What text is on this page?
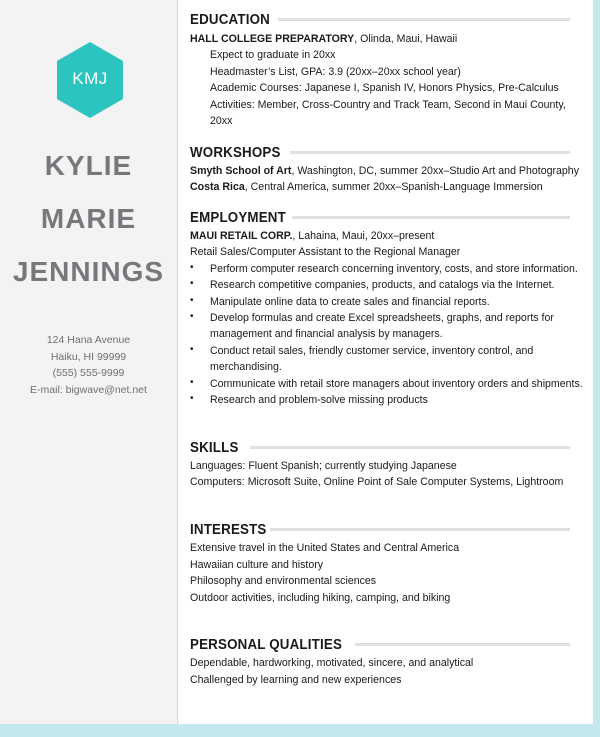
KMJ
KYLIE
MARIE
JENNINGS
124 Hana Avenue
Haiku, HI 99999
(555) 555-9999
E-mail: bigwave@net.net
EDUCATION
HALL COLLEGE PREPARATORY, Olinda, Maui, Hawaii
Expect to graduate in 20xx
Headmaster’s List, GPA: 3.9 (20xx–20xx school year)
Academic Courses: Japanese I, Spanish IV, Honors Physics, Pre-Calculus
Activities: Member, Cross-Country and Track Team, Second in Maui County,
20xx
WORKSHOPS
Smyth School of Art, Washington, DC, summer 20xx–Studio Art and Photography
Costa Rica, Central America, summer 20xx–Spanish-Language Immersion
EMPLOYMENT
MAUI RETAIL CORP., Lahaina, Maui, 20xx–present
Retail Sales/Computer Assistant to the Regional Manager
• Perform computer research concerning inventory, costs, and store information.
• Research competitive companies, products, and catalogs via the Internet.
• Manipulate online data to create sales and financial reports.
• Develop formulas and create Excel spreadsheets, graphs, and reports for
management and financial analysis by managers.
• Conduct retail sales, friendly customer service, inventory control, and
merchandising.
• Communicate with retail store managers about inventory orders and shipments.
• Research and problem-solve missing products
SKILLS
Languages: Fluent Spanish; currently studying Japanese
Computers: Microsoft Suite, Online Point of Sale Computer Systems, Lightroom
INTERESTS
Extensive travel in the United States and Central America
Hawaiian culture and history
Philosophy and environmental sciences
Outdoor activities, including hiking, camping, and biking
PERSONAL QUALITIES
Dependable, hardworking, motivated, sincere, and analytical
Challenged by learning and new experiences
